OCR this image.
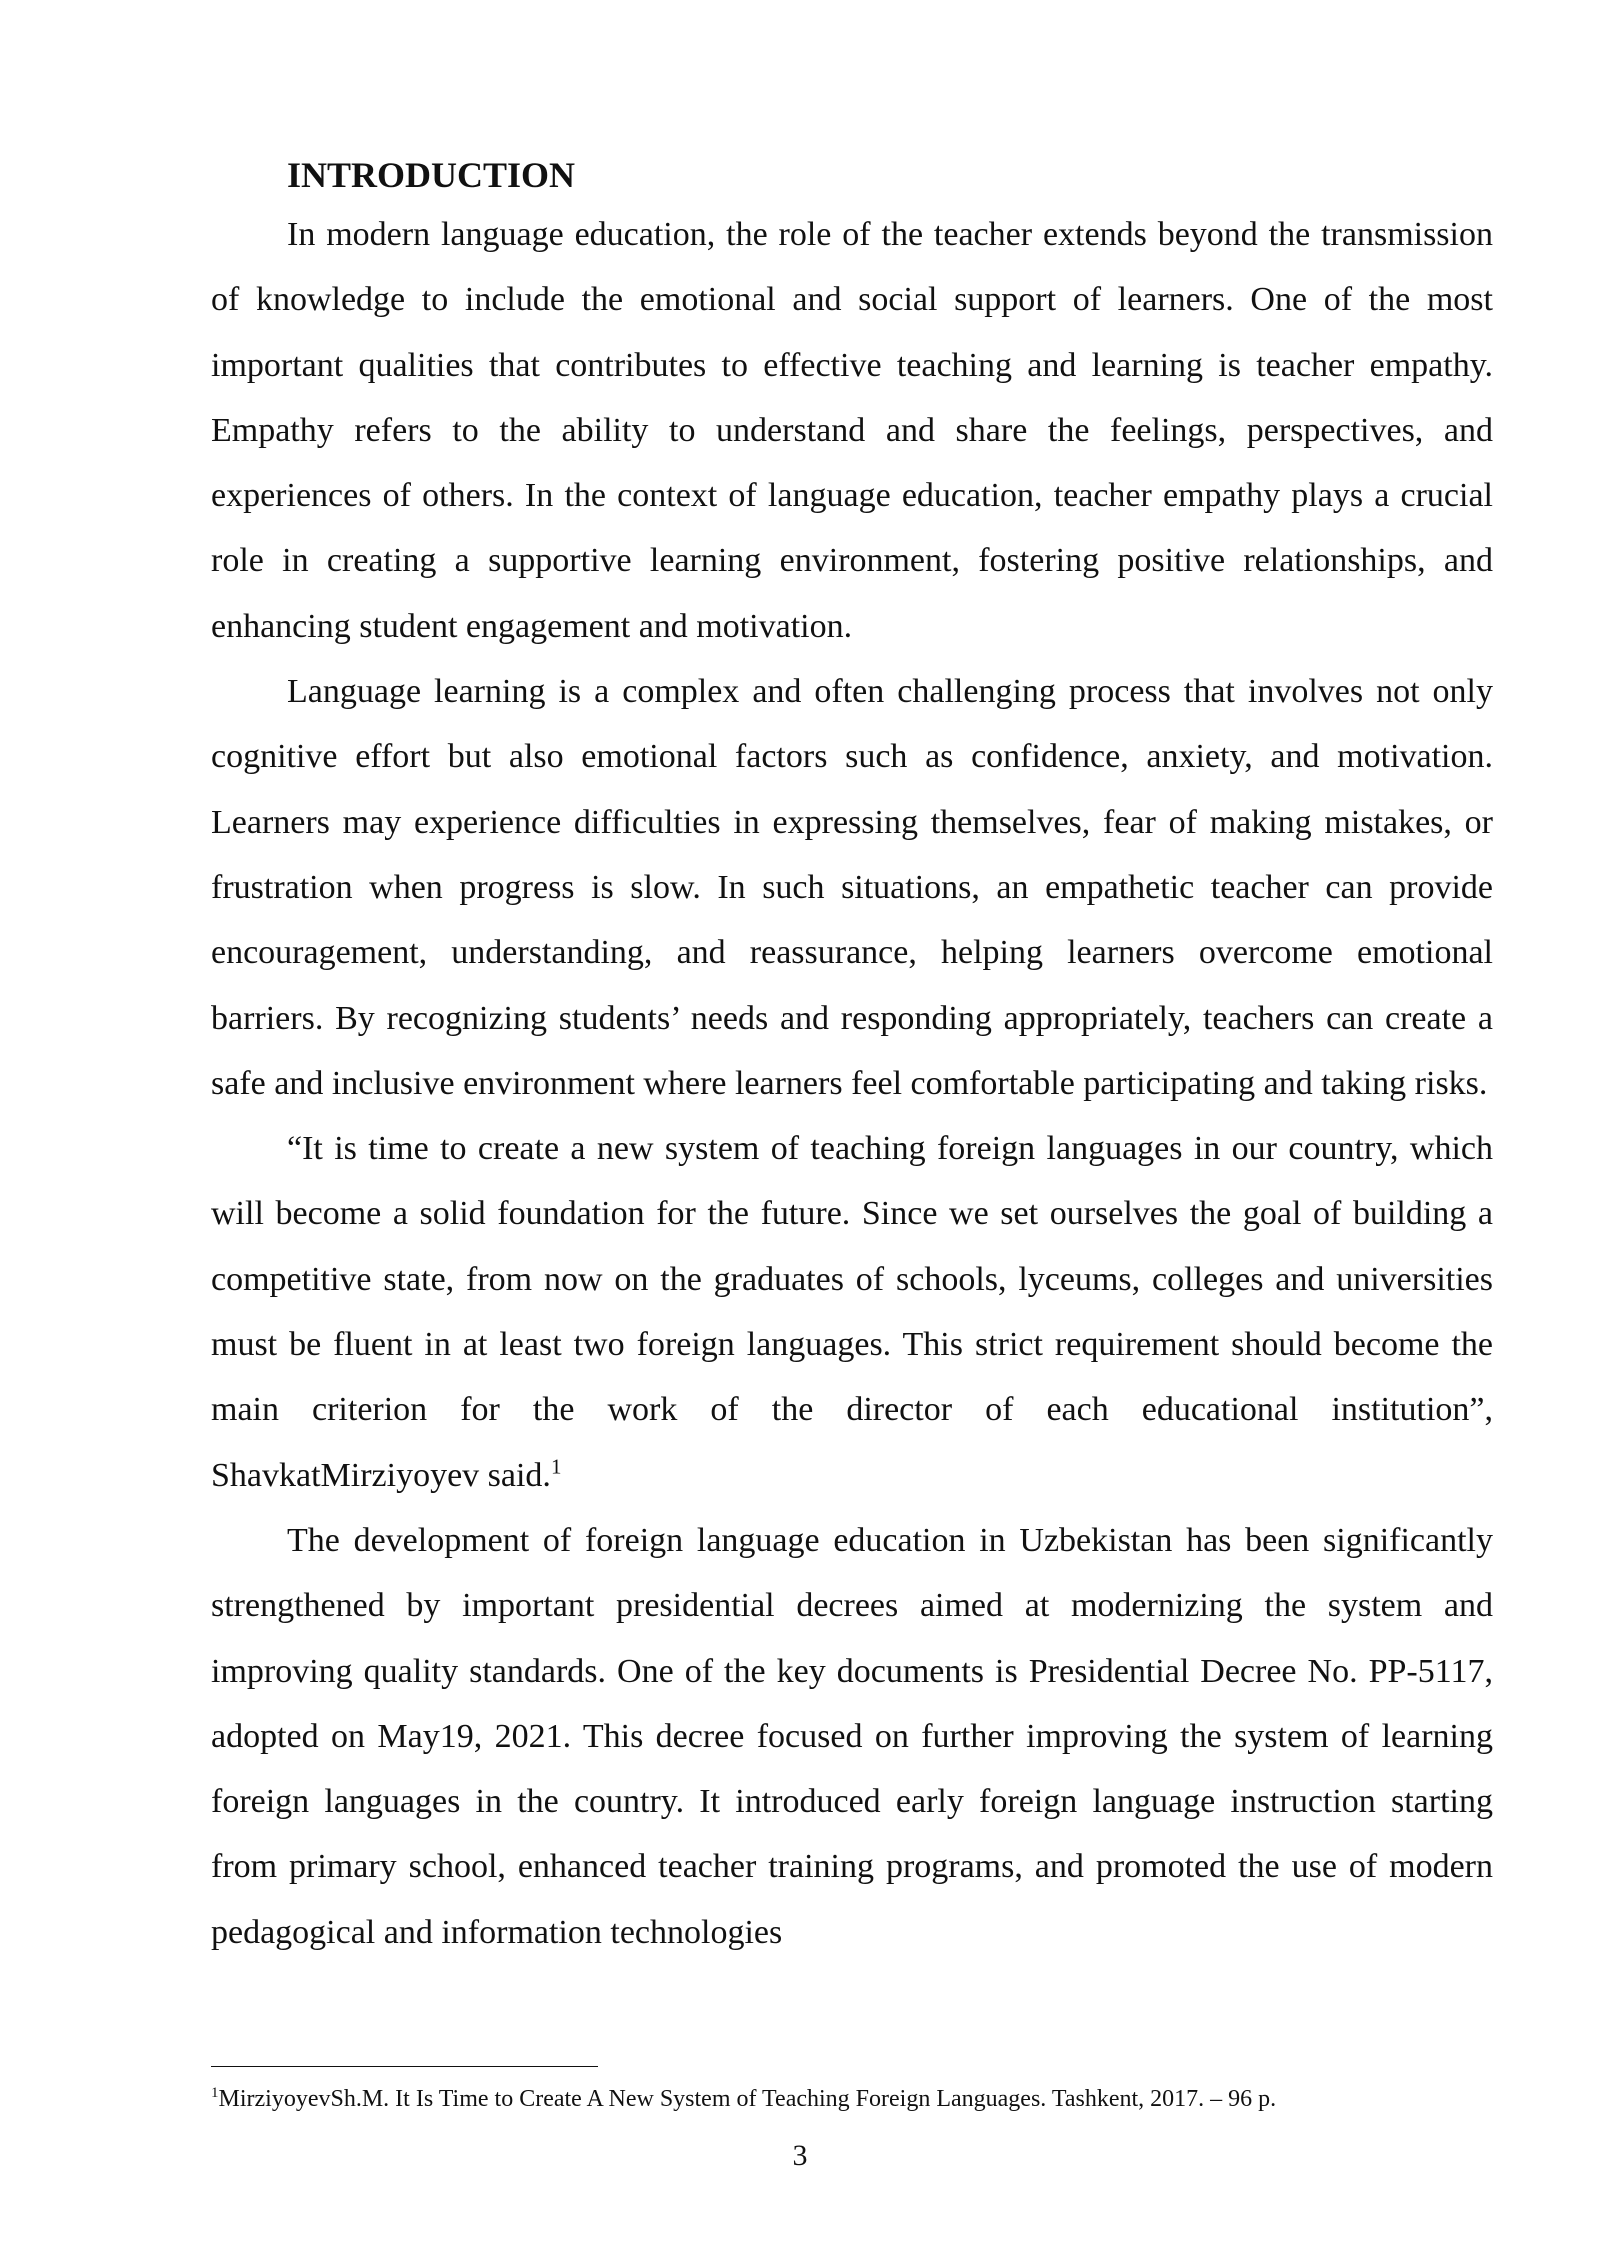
INTRODUCTION

In modern language education, the role of the teacher extends beyond the transmission of knowledge to include the emotional and social support of learners. One of the most important qualities that contributes to effective teaching and learning is teacher empathy. Empathy refers to the ability to understand and share the feelings, perspectives, and experiences of others. In the context of language education, teacher empathy plays a crucial role in creating a supportive learning environment, fostering positive relationships, and enhancing student engagement and motivation.

Language learning is a complex and often challenging process that involves not only cognitive effort but also emotional factors such as confidence, anxiety, and motivation. Learners may experience difficulties in expressing themselves, fear of making mistakes, or frustration when progress is slow. In such situations, an empathetic teacher can provide encouragement, understanding, and reassurance, helping learners overcome emotional barriers. By recognizing students’ needs and responding appropriately, teachers can create a safe and inclusive environment where learners feel comfortable participating and taking risks.

“It is time to create a new system of teaching foreign languages in our country, which will become a solid foundation for the future. Since we set ourselves the goal of building a competitive state, from now on the graduates of schools, lyceums, colleges and universities must be fluent in at least two foreign languages. This strict requirement should become the main criterion for the work of the director of each educational institution”, ShavkatMirziyoyev said.$^1$

The development of foreign language education in Uzbekistan has been significantly strengthened by important presidential decrees aimed at modernizing the system and improving quality standards. One of the key documents is Presidential Decree No. PP-5117, adopted on May19, 2021. This decree focused on further improving the system of learning foreign languages in the country. It introduced early foreign language instruction starting from primary school, enhanced teacher training programs, and promoted the use of modern pedagogical and information technologies

$^1$MirziyoyevSh.M. It Is Time to Create A New System of Teaching Foreign Languages. Tashkent, 2017. – 96 p.

3
